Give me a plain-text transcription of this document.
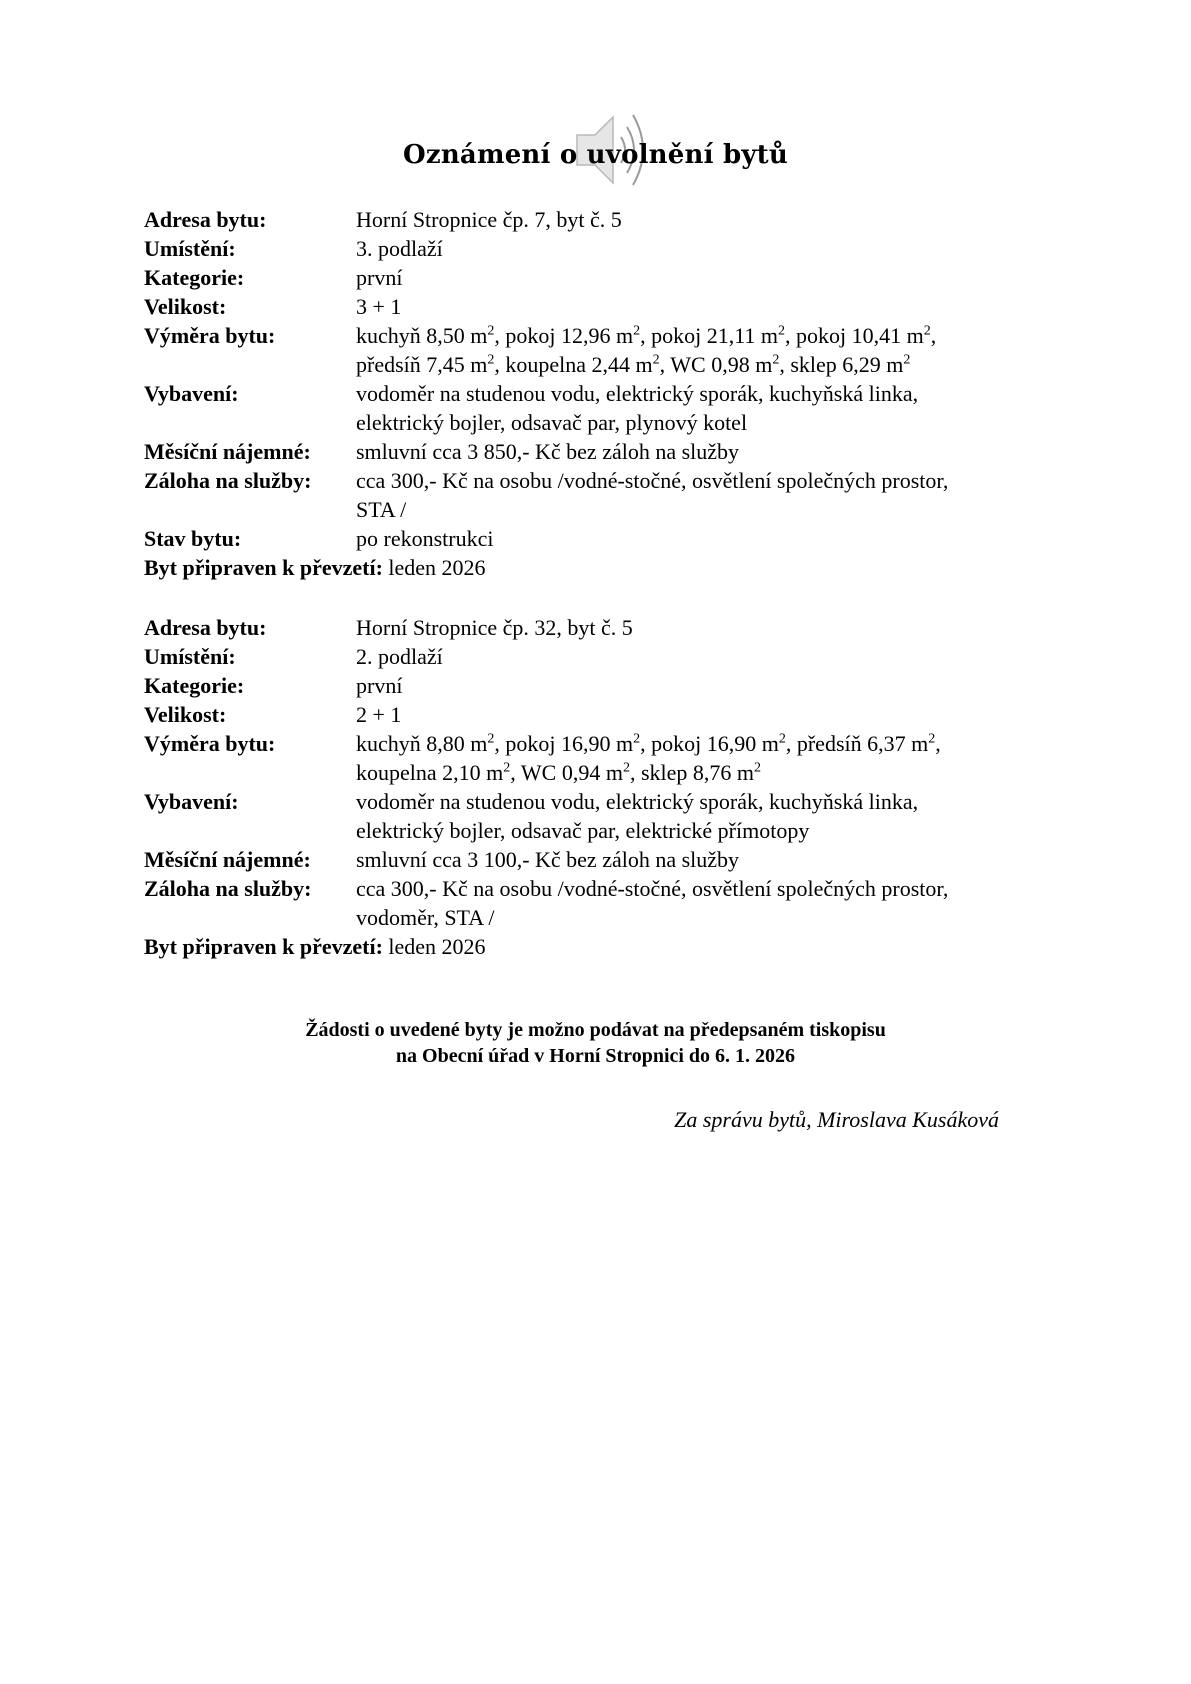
Oznámení o uvolnění bytů
Adresa bytu:	Horní Stropnice čp. 7, byt č. 5
Umístění:	3. podlaží
Kategorie:	první
Velikost:	3 + 1
Výměra bytu:	kuchyň 8,50 $m^2$, pokoj 12,96 $m^2$, pokoj 21,11 $m^2$, pokoj 10,41 $m^2$,
předsíň 7,45 $m^2$, koupelna 2,44 $m^2$, WC 0,98 $m^2$, sklep 6,29 $m^2$
Vybavení:	vodoměr na studenou vodu, elektrický sporák, kuchyňská linka,
elektrický bojler, odsavač par, plynový kotel
Měsíční nájemné:	smluvní cca 3 850,- Kč bez záloh na služby
Záloha na služby:	cca 300,- Kč na osobu /vodné-stočné, osvětlení společných prostor,
STA /
Stav bytu:	po rekonstrukci
Byt připraven k převzetí: leden 2026
Adresa bytu:	Horní Stropnice čp. 32, byt č. 5
Umístění:	2. podlaží
Kategorie:	první
Velikost:	2 + 1
Výměra bytu:	kuchyň 8,80 $m^2$, pokoj 16,90 $m^2$, pokoj 16,90 $m^2$, předsíň 6,37 $m^2$,
koupelna 2,10 $m^2$, WC 0,94 $m^2$, sklep 8,76 $m^2$
Vybavení:	vodoměr na studenou vodu, elektrický sporák, kuchyňská linka,
elektrický bojler, odsavač par, elektrické přímotopy
Měsíční nájemné:	smluvní cca 3 100,- Kč bez záloh na služby
Záloha na služby:	cca 300,- Kč na osobu /vodné-stočné, osvětlení společných prostor,
vodoměr, STA /
Byt připraven k převzetí: leden 2026
Žádosti o uvedené byty je možno podávat na předepsaném tiskopisu
na Obecní úřad v Horní Stropnici do 6. 1. 2026
Za správu bytů, Miroslava Kusáková
